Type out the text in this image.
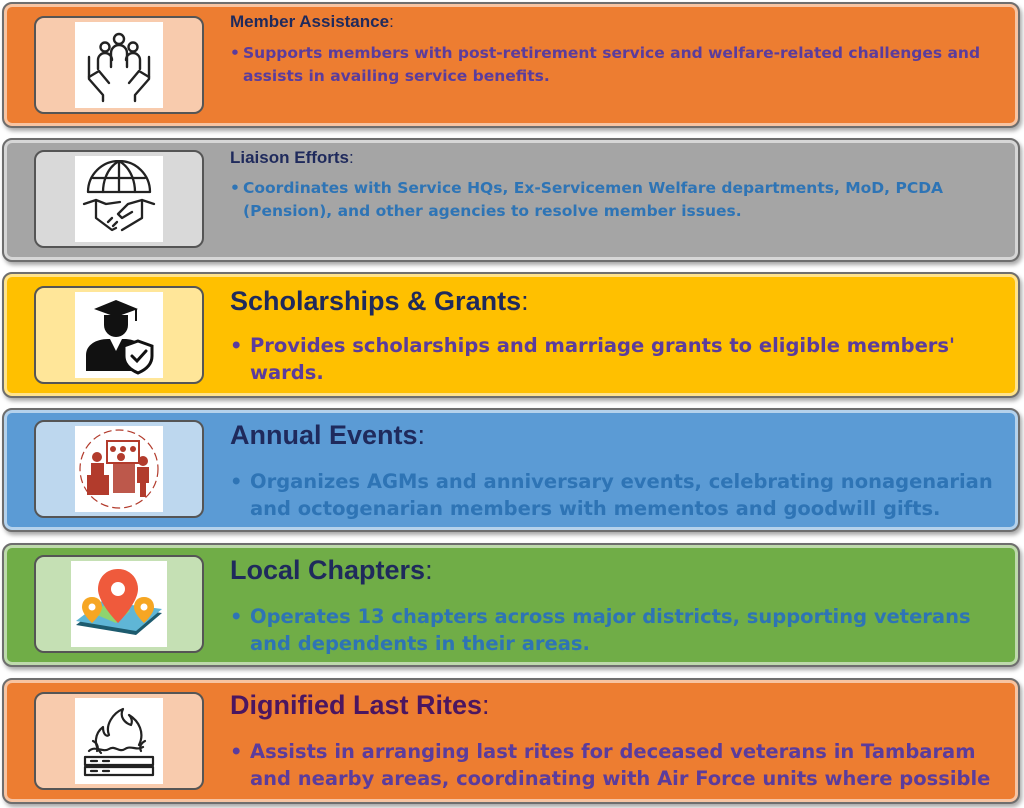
Member Assistance:
• Supports members with post-retirement service and welfare-related challenges and assists in availing service benefits.
Liaison Efforts:
• Coordinates with Service HQs, Ex-Servicemen Welfare departments, MoD, PCDA (Pension), and other agencies to resolve member issues.
Scholarships & Grants:
• Provides scholarships and marriage grants to eligible members' wards.
Annual Events:
• Organizes AGMs and anniversary events, celebrating nonagenarian and octogenarian members with mementos and goodwill gifts.
Local Chapters:
• Operates 13 chapters across major districts, supporting veterans and dependents in their areas.
Dignified Last Rites:
• Assists in arranging last rites for deceased veterans in Tambaram and nearby areas, coordinating with Air Force units where possible
